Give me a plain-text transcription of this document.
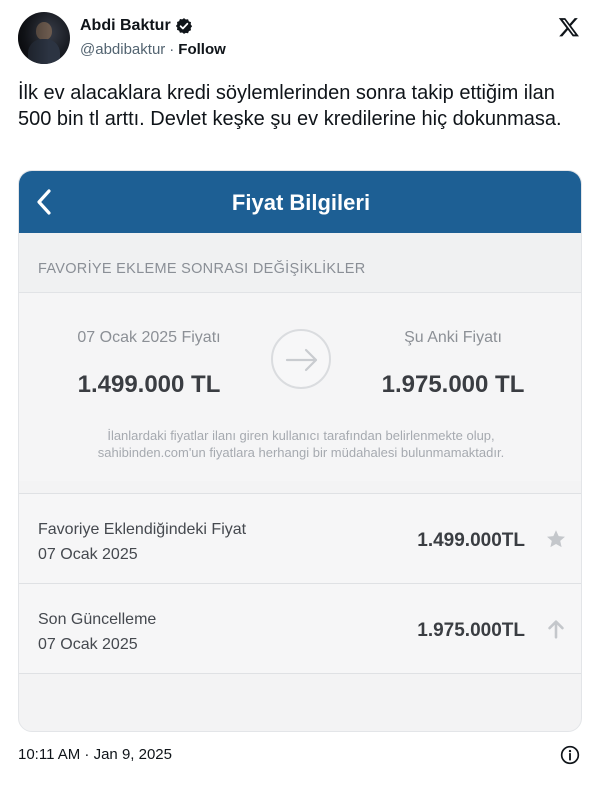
Abdi Baktur
@abdibaktur · Follow
İlk ev alacaklara kredi söylemlerinden sonra takip ettiğim ilan 500 bin tl arttı. Devlet keşke şu ev kredilerine hiç dokunmasa.
Fiyat Bilgileri
FAVORİYE EKLEME SONRASI DEĞİŞİKLİKLER
07 Ocak 2025 Fiyatı
1.499.000 TL
Şu Anki Fiyatı
1.975.000 TL
İlanlardaki fiyatlar ilanı giren kullanıcı tarafından belirlenmekte olup,
sahibinden.com'un fiyatlara herhangi bir müdahalesi bulunmamaktadır.
Favoriye Eklendiğindeki Fiyat
07 Ocak 2025
1.499.000TL
Son Güncelleme
07 Ocak 2025
1.975.000TL
10:11 AM · Jan 9, 2025
